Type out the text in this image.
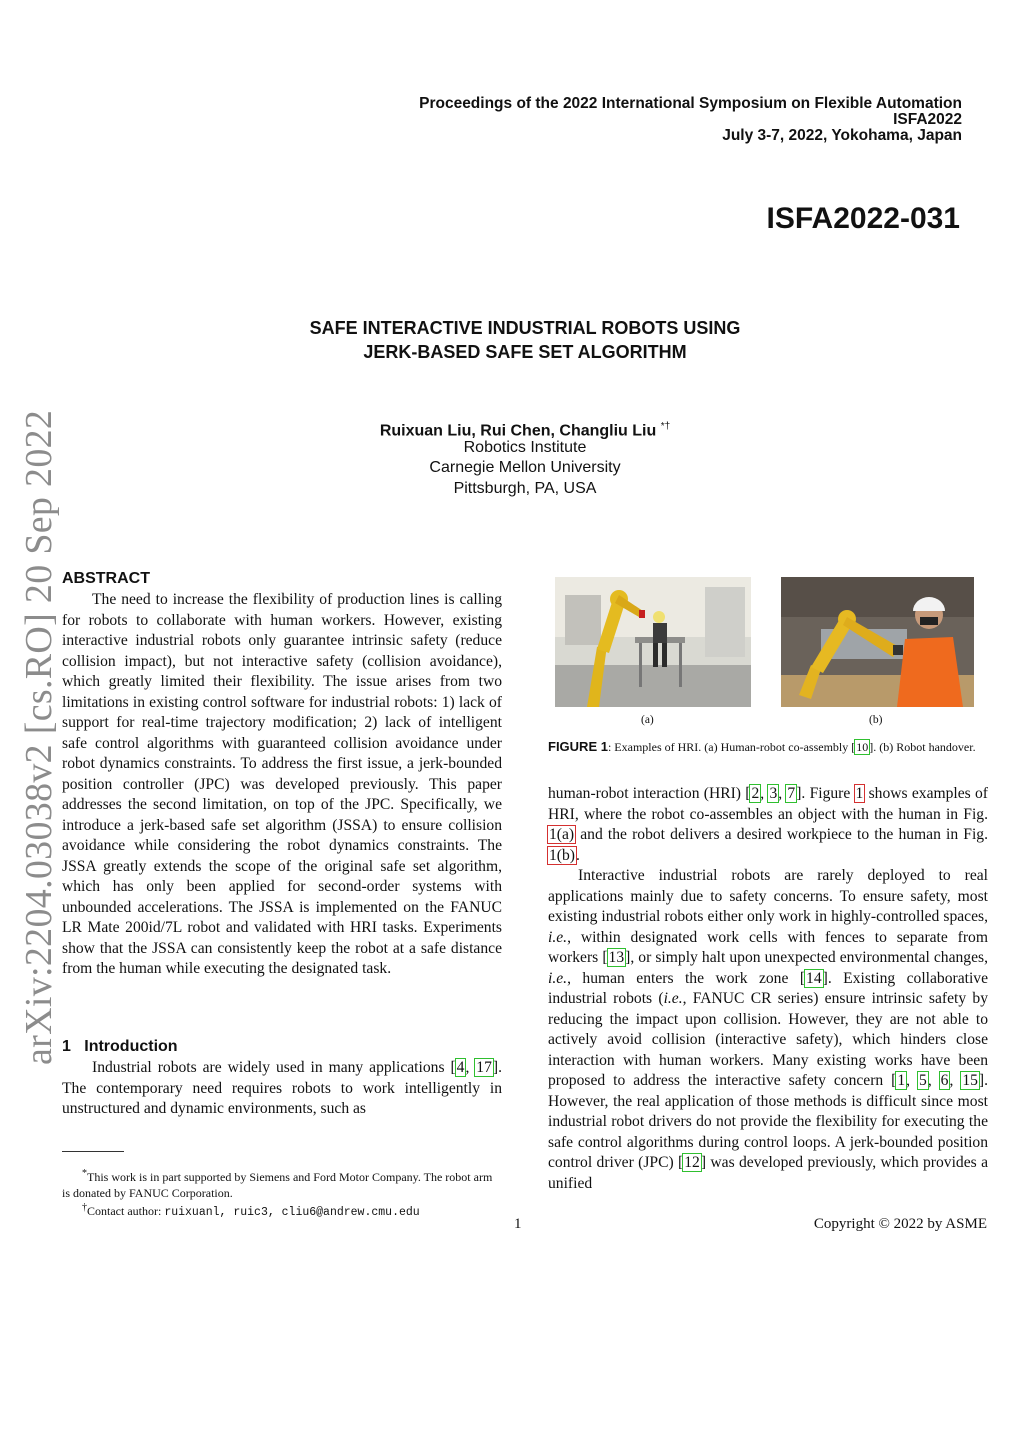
Proceedings of the 2022 International Symposium on Flexible Automation
ISFA2022
July 3-7, 2022, Yokohama, Japan
ISFA2022-031
SAFE INTERACTIVE INDUSTRIAL ROBOTS USING
JERK-BASED SAFE SET ALGORITHM
Ruixuan Liu, Rui Chen, Changliu Liu *†
Robotics Institute
Carnegie Mellon University
Pittsburgh, PA, USA
arXiv:2204.03038v2 [cs.RO] 20 Sep 2022 ABSTRACT

The need to increase the flexibility of production lines is calling for robots to collaborate with human workers. However, existing interactive industrial robots only guarantee intrinsic safety (reduce collision impact), but not interactive safety (collision avoidance), which greatly limited their flexibility. The issue arises from two limitations in existing control software for industrial robots: 1) lack of support for real-time trajectory modification; 2) lack of intelligent safe control algorithms with guaranteed collision avoidance under robot dynamics constraints. To address the first issue, a jerk-bounded position controller (JPC) was developed previously. This paper addresses the second limitation, on top of the JPC. Specifically, we introduce a jerk-based safe set algorithm (JSSA) to ensure collision avoidance while considering the robot dynamics constraints. The JSSA greatly extends the scope of the original safe set algorithm, which has only been applied for second-order systems with unbounded accelerations. The JSSA is implemented on the FANUC LR Mate 200id/7L robot and validated with HRI tasks. Experiments show that the JSSA can consistently keep the robot at a safe distance from the human while executing the designated task.

1 Introduction

Industrial robots are widely used in many applications [4, 17]. The contemporary need requires robots to work intelligently in unstructured and dynamic environments, such as

*This work is in part supported by Siemens and Ford Motor Company. The robot arm is donated by FANUC Corporation.
†Contact author: ruixuanl, ruic3, cliu6@andrew.cmu.edu
(a)	(b)
FIGURE 1: Examples of HRI. (a) Human-robot co-assembly [10]. (b) Robot handover.

human-robot interaction (HRI) [2, 3, 7]. Figure 1 shows examples of HRI, where the robot co-assembles an object with the human in Fig. 1(a) and the robot delivers a desired workpiece to the human in Fig. 1(b).

Interactive industrial robots are rarely deployed to real applications mainly due to safety concerns. To ensure safety, most existing industrial robots either only work in highly-controlled spaces, i.e., within designated work cells with fences to separate from workers [13], or simply halt upon unexpected environmental changes, i.e., human enters the work zone [14]. Existing collaborative industrial robots (i.e., FANUC CR series) ensure intrinsic safety by reducing the impact upon collision. However, they are not able to actively avoid collision (interactive safety), which hinders close interaction with human workers. Many existing works have been proposed to address the interactive safety concern [1, 5, 6, 15]. However, the real application of those methods is difficult since most industrial robot drivers do not provide the flexibility for executing the safe control algorithms during control loops. A jerk-bounded position control driver (JPC) [12] was developed previously, which provides a unified

1	Copyright © 2022 by ASME
